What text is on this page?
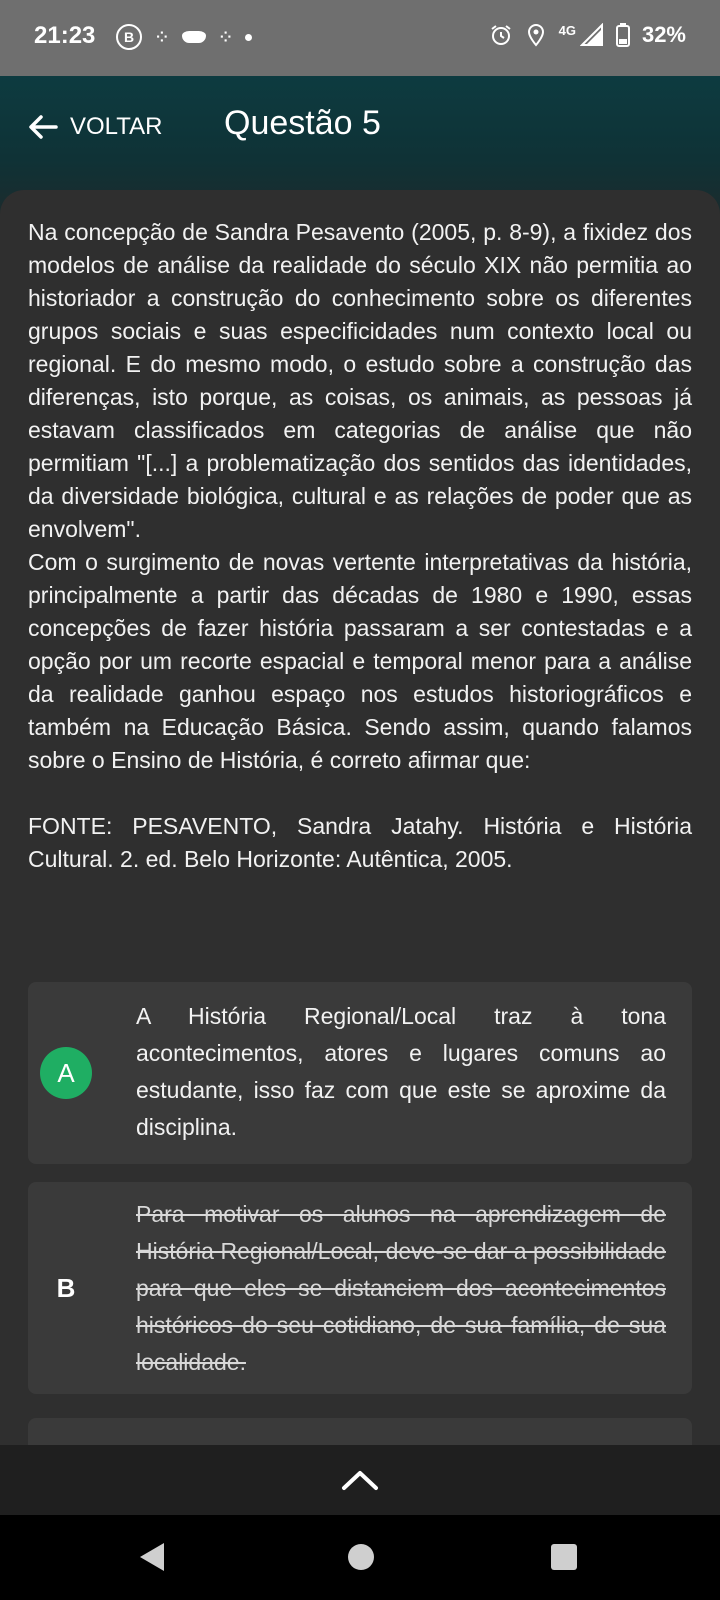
21:23	B	⁘	⁘	4G	32%
VOLTAR Questão 5

Na concepção de Sandra Pesavento (2005, p. 8-9), a fixidez dos modelos de análise da realidade do século XIX não permitia ao historiador a construção do conhecimento sobre os diferentes grupos sociais e suas especificidades num contexto local ou regional. E do mesmo modo, o estudo sobre a construção das diferenças, isto porque, as coisas, os animais, as pessoas já estavam classificados em categorias de análise que não permitiam "[...] a problematização dos sentidos das identidades, da diversidade biológica, cultural e as relações de poder que as envolvem".

Com o surgimento de novas vertente interpretativas da história, principalmente a partir das décadas de 1980 e 1990, essas concepções de fazer história passaram a ser contestadas e a opção por um recorte espacial e temporal menor para a análise da realidade ganhou espaço nos estudos historiográficos e também na Educação Básica. Sendo assim, quando falamos sobre o Ensino de História, é correto afirmar que:

FONTE: PESAVENTO, Sandra Jatahy. História e História Cultural. 2. ed. Belo Horizonte: Autêntica, 2005.

A
A História Regional/Local traz à tona acontecimentos, atores e lugares comuns ao estudante, isso faz com que este se aproxime da disciplina.
B
Para motivar os alunos na aprendizagem de História Regional/Local, deve-se dar a possibilidade para que eles se distanciem dos acontecimentos históricos do seu cotidiano, de sua família, de sua localidade.
